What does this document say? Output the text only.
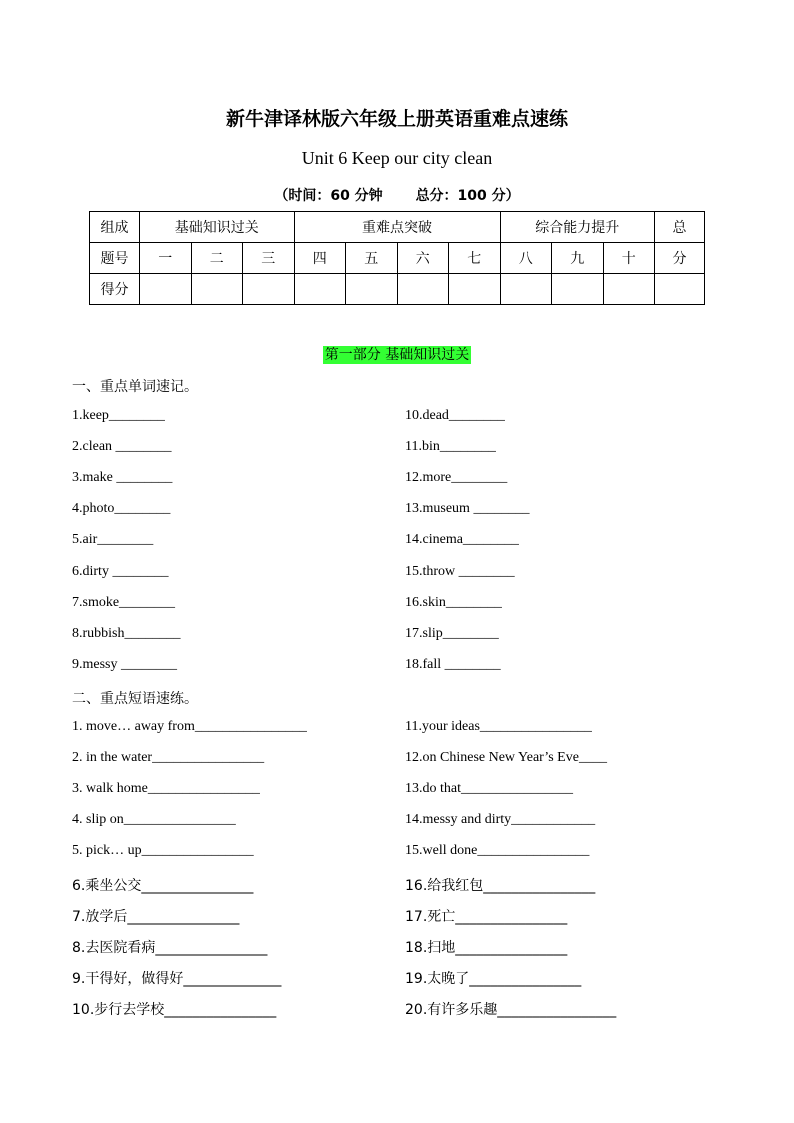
新牛津译林版六年级上册英语重难点速练
Unit 6 Keep our city clean
（时间：60 分钟 总分：100 分）
组成	基础知识过关			重难点突破				综合能力提升			总
题号	一	二	三	四	五	六	七	八	九	十	分
得分											
第一部分 基础知识过关
一、重点单词速记。
1.keep________
2.clean ________
3.make ________
4.photo________
5.air________
6.dirty ________
7.smoke________
8.rubbish________
9.messy ________
10.dead________
11.bin________
12.more________
13.museum ________
14.cinema________
15.throw ________
16.skin________
17.slip________
18.fall ________
二、重点短语速练。
1. move… away from________________
2. in the water________________
3. walk home________________
4. slip on________________
5. pick… up________________
6.乘坐公交________________
7.放学后________________
8.去医院看病________________
9.干得好，做得好______________
10.步行去学校________________
11.your ideas________________
12.on Chinese New Year’s Eve____
13.do that________________
14.messy and dirty____________
15.well done________________
16.给我红包________________
17.死亡________________
18.扫地________________
19.太晚了________________
20.有许多乐趣_________________
